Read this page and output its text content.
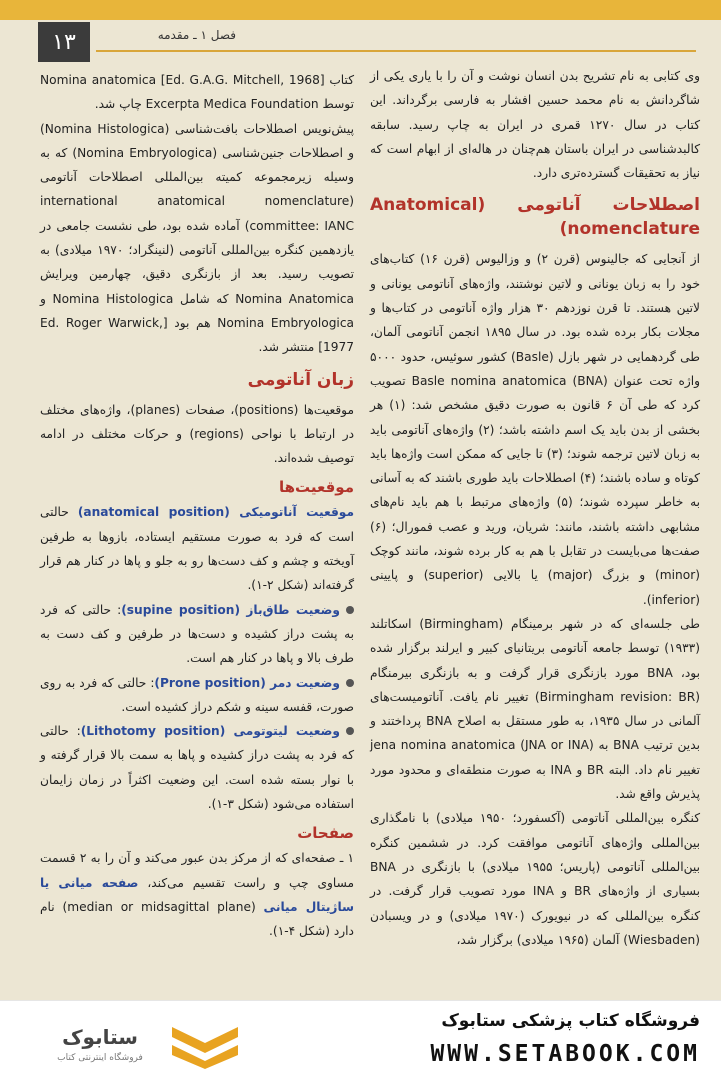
۱۳	فصل ۱ ـ مقدمه

وی کتابی به نام تشریح بدن انسان نوشت و آن را با یاری یکی از شاگردانش به نام محمد حسین افشار به فارسی برگرداند. این کتاب در سال ۱۲۷۰ قمری در ایران به چاپ رسید. سابقه کالبدشناسی در ایران باستان هم‌چنان در هاله‌ای از ابهام است که نیاز به تحقیقات گسترده‌تری دارد.

اصطلاحات آناتومی (Anatomical nomenclature)

از آنجایی که جالینوس (قرن ۲) و وزالیوس (قرن ۱۶) کتاب‌های خود را به زبان یونانی و لاتین نوشتند، واژه‌های آناتومی یونانی و لاتین هستند. تا قرن نوزدهم ۳۰ هزار واژه آناتومی در کتاب‌ها و مجلات بکار برده شده بود. در سال ۱۸۹۵ انجمن آناتومی آلمان، طی گردهمایی در شهر بازل (Basle) کشور سوئیس، حدود ۵۰۰۰ واژه تحت عنوان Basle nomina anatomica (BNA) تصویب کرد که طی آن ۶ قانون به صورت دقیق مشخص شد: (۱) هر بخشی از بدن باید یک اسم داشته باشد؛ (۲) واژه‌های آناتومی باید به زبان لاتین ترجمه شوند؛ (۳) تا جایی که ممکن است واژه‌ها باید کوتاه و ساده باشند؛ (۴) اصطلاحات باید طوری باشند که به آسانی به خاطر سپرده شوند؛ (۵) واژه‌های مرتبط با هم باید نام‌های مشابهی داشته باشند، مانند: شریان، ورید و عصب فمورال؛ (۶) صفت‌ها می‌بایست در تقابل با هم به کار برده شوند، مانند کوچک (minor) و بزرگ (major) یا بالایی (superior) و پایینی (inferior).

طی جلسه‌ای که در شهر برمینگام (Birmingham) اسکاتلند (۱۹۳۳) توسط جامعه آناتومی بریتانیای کبیر و ایرلند برگزار شده بود، BNA مورد بازنگری قرار گرفت و به بازنگری بیرمنگام (Birmingham revision: BR) تغییر نام یافت. آناتومیست‌های آلمانی در سال ۱۹۳۵، به طور مستقل به اصلاح BNA پرداختند و بدین ترتیب BNA به jena nomina anatomica (JNA or INA) تغییر نام داد. البته BR و INA به صورت منطقه‌ای و محدود مورد پذیرش واقع شد.

کنگره بین‌المللی آناتومی (آکسفورد؛ ۱۹۵۰ میلادی) با نامگذاری بین‌المللی واژه‌های آناتومی موافقت کرد. در ششمین کنگره بین‌المللی آناتومی (پاریس؛ ۱۹۵۵ میلادی) با بازنگری در BNA بسیاری از واژه‌های BR و INA مورد تصویب قرار گرفت. در کنگره بین‌المللی که در نیویورک (۱۹۷۰ میلادی) و در ویسبادن (Wiesbaden) آلمان (۱۹۶۵ میلادی) برگزار شد،

کتاب Nomina anatomica [Ed. G.A.G. Mitchell, 1968] توسط Excerpta Medica Foundation چاپ شد.

پیش‌نویس اصطلاحات بافت‌شناسی (Nomina Histologica) و اصطلاحات جنین‌شناسی (Nomina Embryologica) که به وسیله زیرمجموعه کمیته بین‌المللی اصطلاحات آناتومی (international anatomical nomenclature committee: IANC) آماده شده بود، طی نشست جامعی در یازدهمین کنگره بین‌المللی آناتومی (لنینگراد؛ ۱۹۷۰ میلادی) به تصویب رسید. بعد از بازنگری دقیق، چهارمین ویرایش Nomina Anatomica که شامل Nomina Histologica و Nomina Embryologica هم بود [Ed. Roger Warwick, 1977] منتشر شد.

زبان آناتومی

موقعیت‌ها (positions)، صفحات (planes)، واژه‌های مختلف در ارتباط با نواحی (regions) و حرکات مختلف در ادامه توصیف شده‌اند.

موقعیت‌ها

موقعیت آناتومیکی (anatomical position) حالتی است که فرد به صورت مستقیم ایستاده، بازوها به طرفین آویخته و چشم و کف دست‌ها رو به جلو و پاها در کنار هم قرار گرفته‌اند (شکل ۲-۱).

وضعیت طاق‌باز (supine position): حالتی که فرد به پشت دراز کشیده و دست‌ها در طرفین و کف دست به طرف بالا و پاها در کنار هم است.

وضعیت دمر (Prone position): حالتی که فرد به روی صورت، قفسه سینه و شکم دراز کشیده است.

وضعیت لیتوتومی (Lithotomy position): حالتی که فرد به پشت دراز کشیده و پاها به سمت بالا قرار گرفته و با نوار بسته شده است. این وضعیت اکثراً در زمان زایمان استفاده می‌شود (شکل ۳-۱).

صفحات

۱ ـ صفحه‌ای که از مرکز بدن عبور می‌کند و آن را به ۲ قسمت مساوی چپ و راست تقسیم می‌کند، صفحه میانی یا ساژیتال میانی (median or midsagittal plane) نام دارد (شکل ۴-۱).

ستابوک
فروشگاه اینترنتی کتاب
فروشگاه کتاب پزشکی ستابوک
WWW.SETABOOK.COM
